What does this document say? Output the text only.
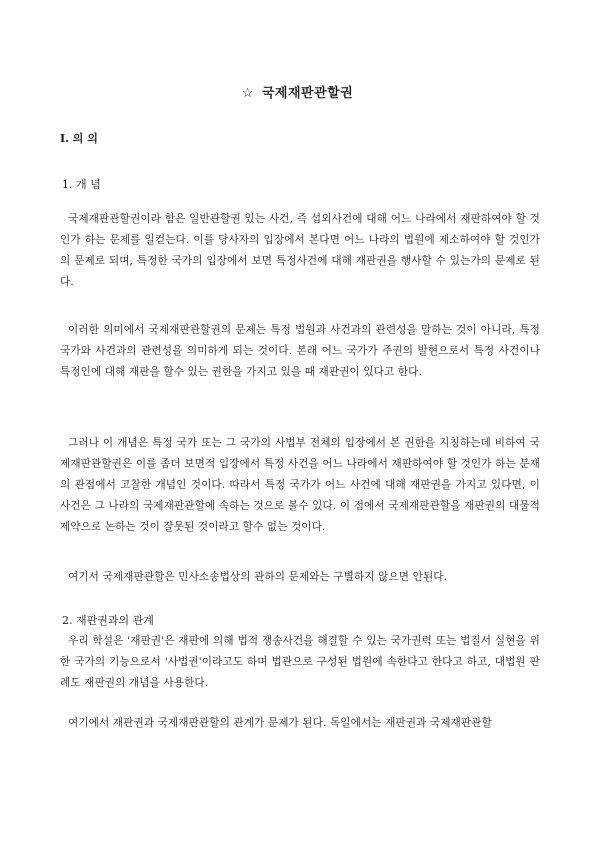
☆ 국제재판관할권
Ⅰ. 의 의
1. 개 념

국제재판관할권이라 함은 일반관할권 있는 사건, 즉 섭외사건에 대해 어느 나라에서 재판하여야 할 것인가 하는 문제를 일컫는다. 이를 당사자의 입장에서 본다면 어느 나라의 법원에 제소하여야 할 것인가의 문제로 되며, 특정한 국가의 입장에서 보면 특정사건에 대해 재판권을 행사할 수 있는가의 문제로 된다.

이러한 의미에서 국제재판관할권의 문제는 특정 법원과 사건과의 관련성을 말하는 것이 아니라, 특정국가와 사건과의 관련성을 의미하게 되는 것이다. 본래 어느 국가가 주권의 발현으로서 특정 사건이나 특정인에 대해 재판을 할수 있는 권한을 가지고 있을 때 재판권이 있다고 한다.

그러나 이 개념은 특정 국가 또는 그 국가의 사법부 전체의 입장에서 본 권한을 지칭하는데 비하여 국제재판관할권은 이를 좀더 보면적 입장에서 특정 사건을 어느 나라에서 재판하여야 할 것인가 하는 분재의 관점에서 고찰한 개념인 것이다. 따라서 특정 국가가 어느 사건에 대해 재판권을 가지고 있다면, 이 사건은 그 나라의 국제재판관할에 속하는 것으로 볼수 있다. 이 점에서 국제재판관할을 재판권의 대물적 제약으로 논하는 것이 잘못된 것이라고 할수 없는 것이다.

여기서 국제재판관할은 민사소송법상의 관하의 문제와는 구별하지 않으면 안된다.

2. 재판권과의 관계

우리 학설은 '재판권'은 재판에 의해 법적 쟁송사건을 해결할 수 있는 국가권력 또는 법질서 실현을 위한 국가의 기능으로서 '사법권'이라고도 하며 법관으로 구성된 법원에 속한다고 한다고 하고, 대법원 판례도 재판권의 개념을 사용한다.

여기에서 재판권과 국제재판관할의 관계가 문제가 된다. 독일에서는 재판권과 국제재판관할
